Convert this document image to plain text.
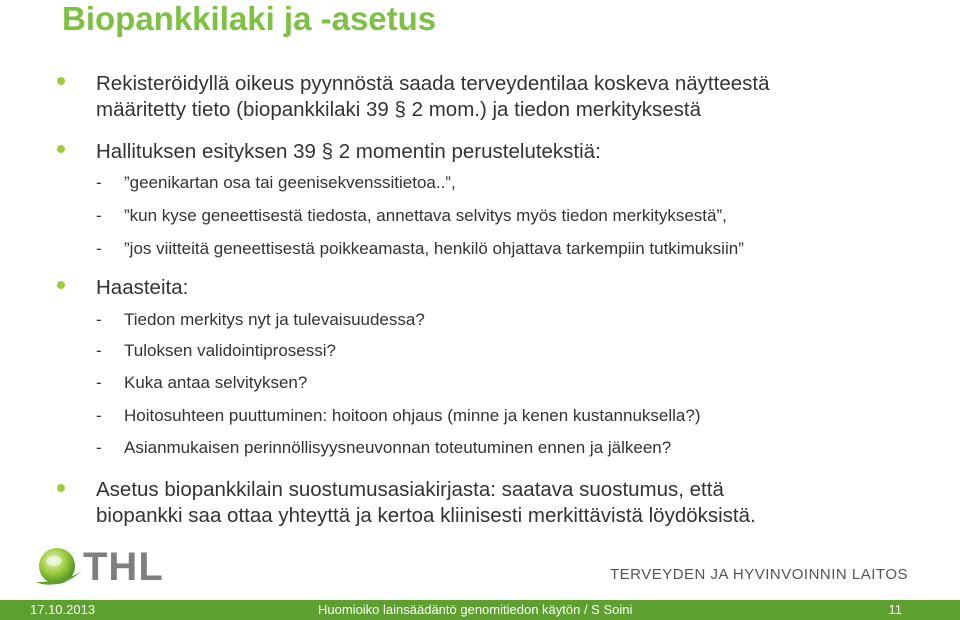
Biopankkilaki ja -asetus
Rekisteröidyllä oikeus pyynnöstä saada terveydentilaa koskeva näytteestä
määritetty tieto (biopankkilaki 39 § 2 mom.) ja tiedon merkityksestä
Hallituksen esityksen 39 § 2 momentin perustelutekstiä:
- ”geenikartan osa tai geenisekvenssitietoa..”,
- ”kun kyse geneettisestä tiedosta, annettava selvitys myös tiedon merkityksestä”,
- ”jos viitteitä geneettisestä poikkeamasta, henkilö ohjattava tarkempiin tutkimuksiin”
Haasteita:
- Tiedon merkitys nyt ja tulevaisuudessa?
- Tuloksen validointiprosessi?
- Kuka antaa selvityksen?
- Hoitosuhteen puuttuminen: hoitoon ohjaus (minne ja kenen kustannuksella?)
- Asianmukaisen perinnöllisyysneuvonnan toteutuminen ennen ja jälkeen?
Asetus biopankkilain suostumusasiakirjasta: saatava suostumus, että
biopankki saa ottaa yhteyttä ja kertoa kliinisesti merkittävistä löydöksistä.
THL	TERVEYDEN JA HYVINVOINNIN LAITOS
17.10.2013	Huomioiko lainsäädäntö genomitiedon käytön / S Soini	11
